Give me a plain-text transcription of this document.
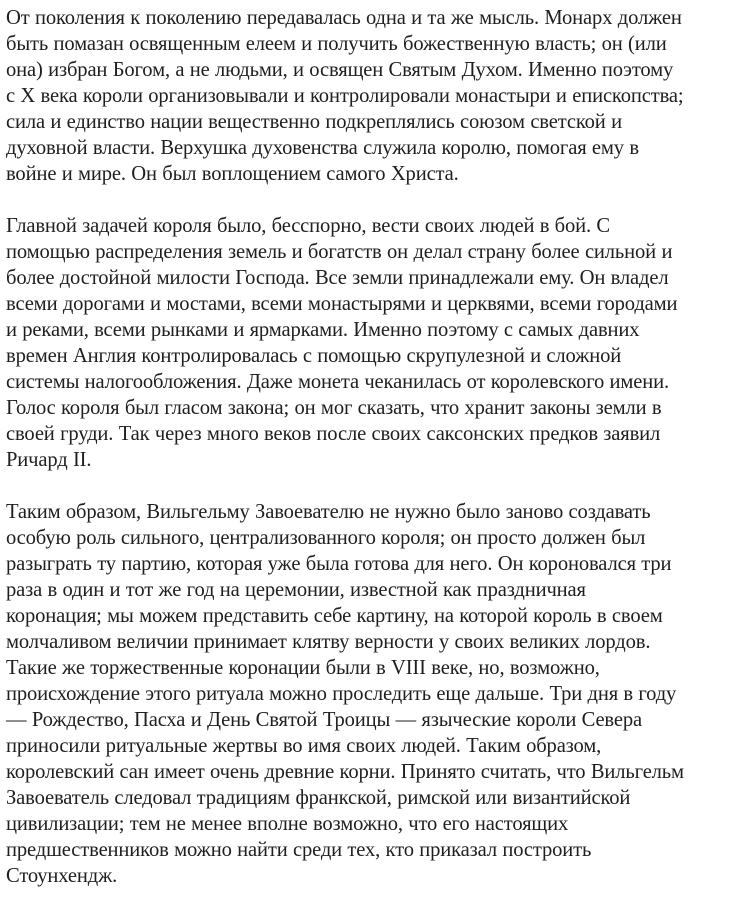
От поколения к поколению передавалась одна и та же мысль. Монарх должен
быть помазан освященным елеем и получить божественную власть; он (или
она) избран Богом, а не людьми, и освящен Святым Духом. Именно поэтому
с X века короли организовывали и контролировали монастыри и епископства;
сила и единство нации вещественно подкреплялись союзом светской и
духовной власти. Верхушка духовенства служила королю, помогая ему в
войне и мире. Он был воплощением самого Христа.
Главной задачей короля было, бесспорно, вести своих людей в бой. С
помощью распределения земель и богатств он делал страну более сильной и
более достойной милости Господа. Все земли принадлежали ему. Он владел
всеми дорогами и мостами, всеми монастырями и церквями, всеми городами
и реками, всеми рынками и ярмарками. Именно поэтому с самых давних
времен Англия контролировалась с помощью скрупулезной и сложной
системы налогообложения. Даже монета чеканилась от королевского имени.
Голос короля был гласом закона; он мог сказать, что хранит законы земли в
своей груди. Так через много веков после своих саксонских предков заявил
Ричард II.
Таким образом, Вильгельму Завоевателю не нужно было заново создавать
особую роль сильного, централизованного короля; он просто должен был
разыграть ту партию, которая уже была готова для него. Он короновался три
раза в один и тот же год на церемонии, известной как праздничная
коронация; мы можем представить себе картину, на которой король в своем
молчаливом величии принимает клятву верности у своих великих лордов.
Такие же торжественные коронации были в VIII веке, но, возможно,
происхождение этого ритуала можно проследить еще дальше. Три дня в году
— Рождество, Пасха и День Святой Троицы — языческие короли Севера
приносили ритуальные жертвы во имя своих людей. Таким образом,
королевский сан имеет очень древние корни. Принято считать, что Вильгельм
Завоеватель следовал традициям франкской, римской или византийской
цивилизации; тем не менее вполне возможно, что его настоящих
предшественников можно найти среди тех, кто приказал построить
Стоунхендж.
